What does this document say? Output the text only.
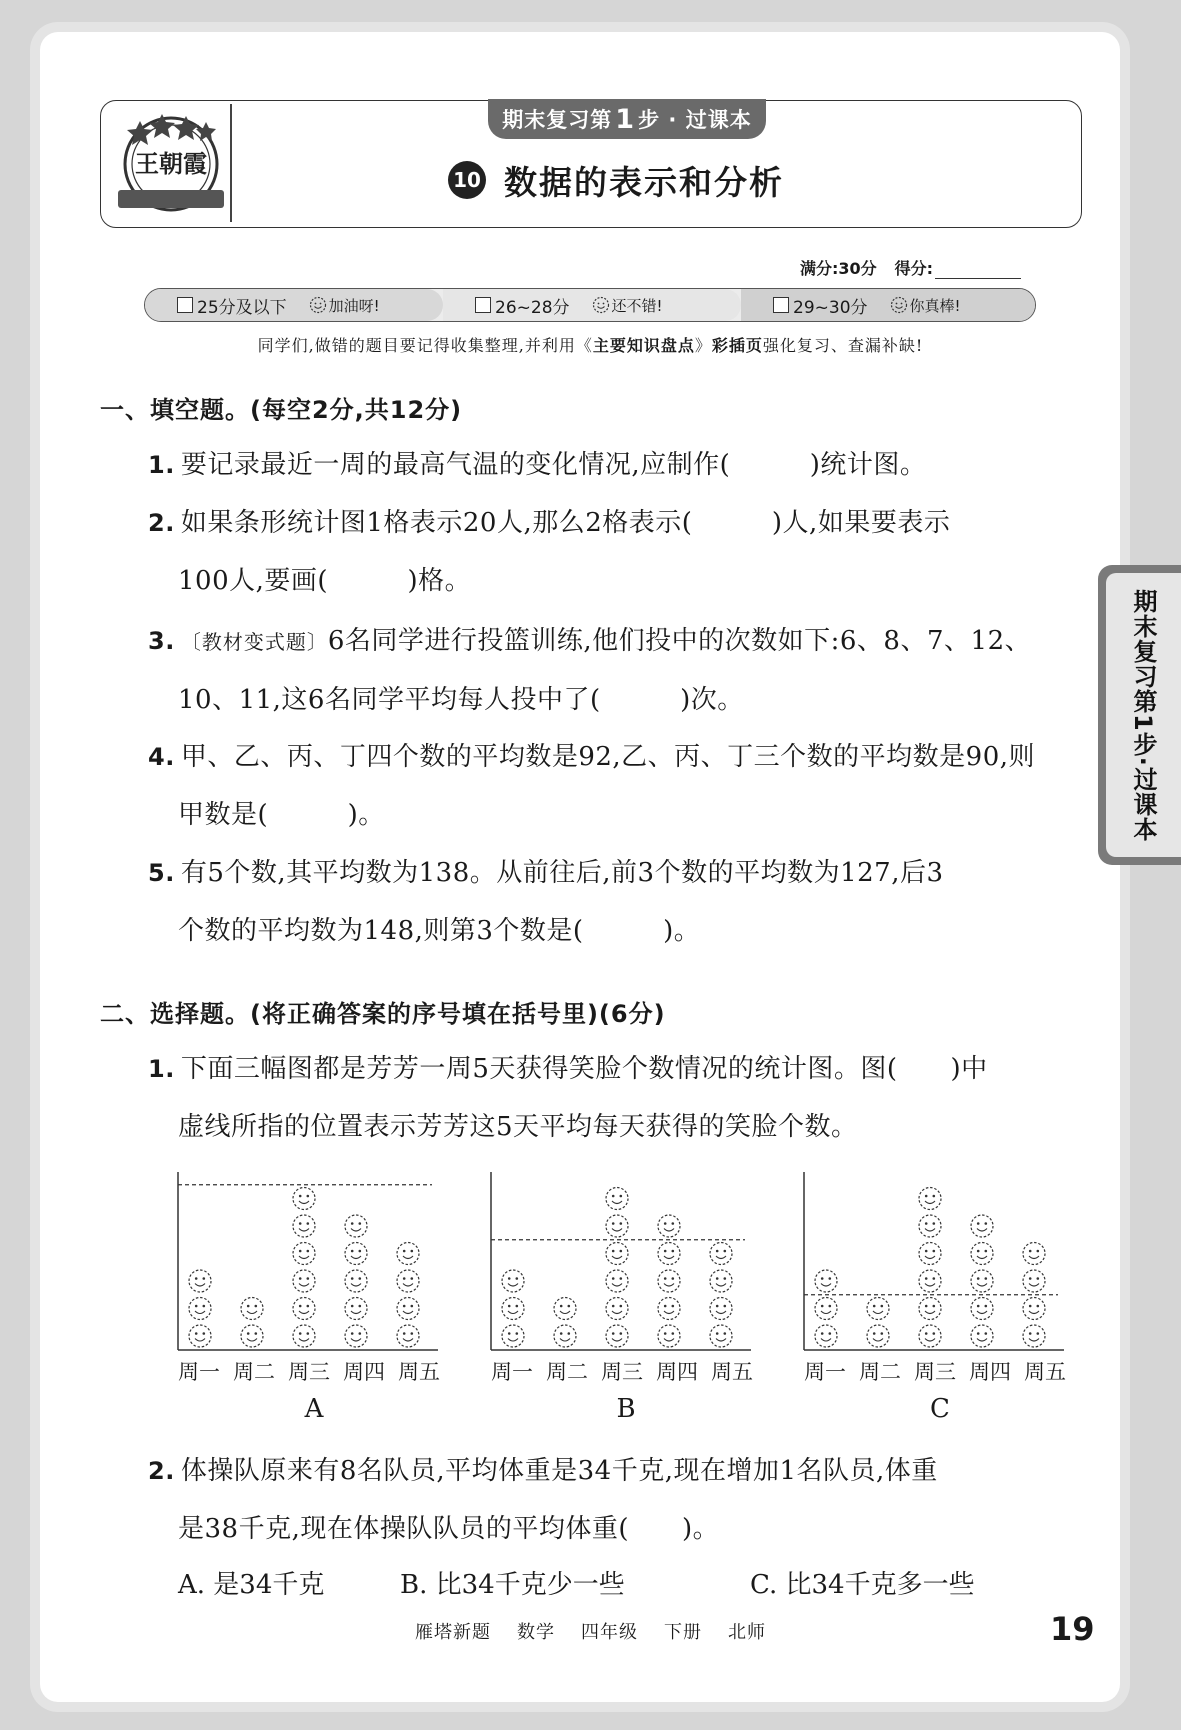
王朝霞
期末复习第 1 步 · 过课本
10 数据的表示和分析
满分:30分 得分:
25分及以下	加油呀!	26~28分	还不错!	29~30分	你真棒!
同学们,做错的题目要记得收集整理,并利用《主要知识盘点》彩插页强化复习、查漏补缺!
一、填空题。(每空2分,共12分)
1. 要记录最近一周的最高气温的变化情况,应制作(　　　)统计图。
2. 如果条形统计图1格表示20人,那么2格表示(　　　)人,如果要表示
100人,要画(　　　)格。
3. 〔教材变式题〕6名同学进行投篮训练,他们投中的次数如下:6、8、7、12、
10、11,这6名同学平均每人投中了(　　　)次。
4. 甲、乙、丙、丁四个数的平均数是92,乙、丙、丁三个数的平均数是90,则
甲数是(　　　)。
5. 有5个数,其平均数为138。从前往后,前3个数的平均数为127,后3
个数的平均数为148,则第3个数是(　　　)。
二、选择题。(将正确答案的序号填在括号里)(6分)
1. 下面三幅图都是芳芳一周5天获得笑脸个数情况的统计图。图(　　)中
虚线所指的位置表示芳芳这5天平均每天获得的笑脸个数。
A	B	C
2. 体操队原来有8名队员,平均体重是34千克,现在增加1名队员,体重
是38千克,现在体操队队员的平均体重(　　)。
A. 是34千克	B. 比34千克少一些	C. 比34千克多一些
期末复习第1步·过课本
雁塔新题 数学 四年级 下册 北师	19
周一 周二 周三 周四 周五 周一 周二 周三 周四 周五 周一 周二 周三 周四 周五
